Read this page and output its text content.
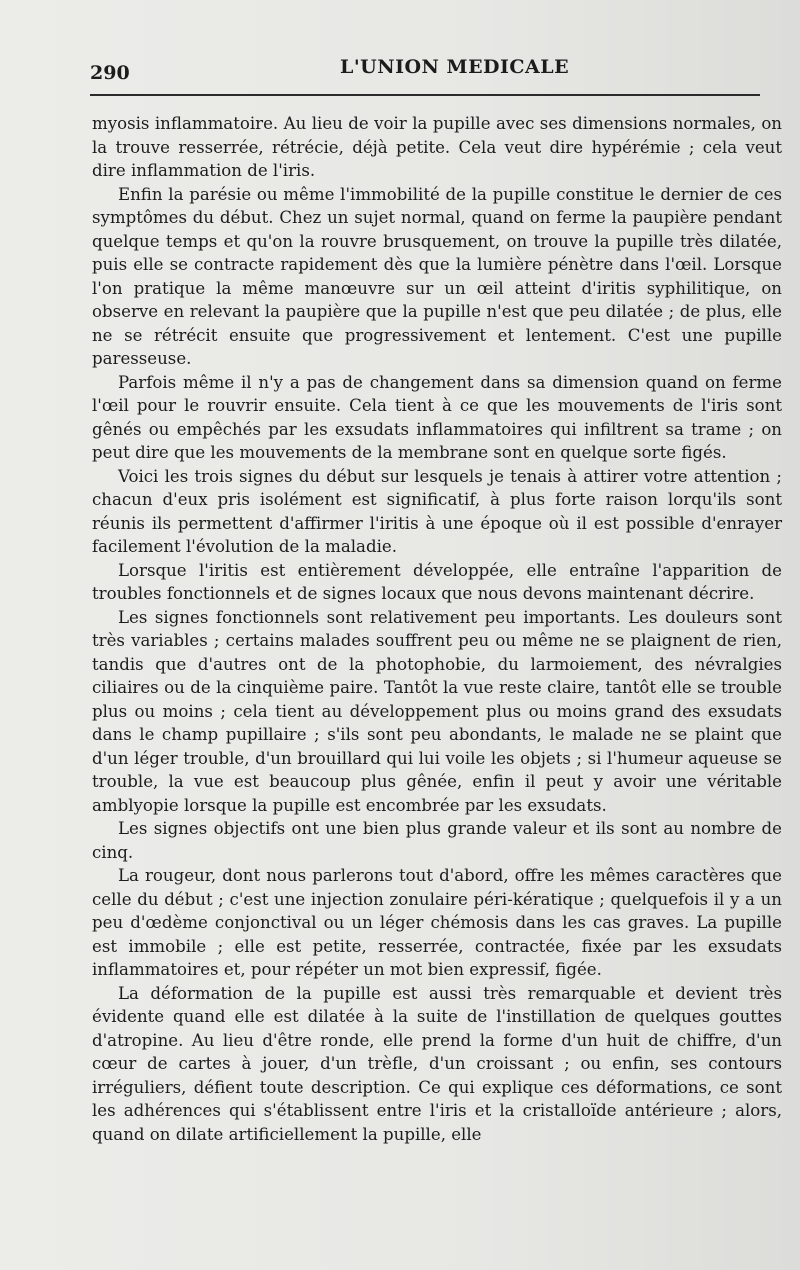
290	L'UNION MEDICALE

myosis inflammatoire. Au lieu de voir la pupille avec ses dimensions normales, on la trouve resserrée, rétrécie, déjà petite. Cela veut dire hypérémie ; cela veut dire inflammation de l'iris.

Enfin la parésie ou même l'immobilité de la pupille constitue le dernier de ces symptômes du début. Chez un sujet normal, quand on ferme la paupière pendant quelque temps et qu'on la rouvre brusquement, on trouve la pupille très dilatée, puis elle se contracte rapidement dès que la lumière pénètre dans l'œil. Lorsque l'on pratique la même manœuvre sur un œil atteint d'iritis syphilitique, on observe en relevant la paupière que la pupille n'est que peu dilatée ; de plus, elle ne se rétrécit ensuite que progressivement et lentement. C'est une pupille paresseuse.

Parfois même il n'y a pas de changement dans sa dimension quand on ferme l'œil pour le rouvrir ensuite. Cela tient à ce que les mouvements de l'iris sont gênés ou empêchés par les exsudats inflammatoires qui infiltrent sa trame ; on peut dire que les mouvements de la membrane sont en quelque sorte figés.

Voici les trois signes du début sur lesquels je tenais à attirer votre attention ; chacun d'eux pris isolément est significatif, à plus forte raison lorqu'ils sont réunis ils permettent d'affirmer l'iritis à une époque où il est possible d'enrayer facilement l'évolution de la maladie.

Lorsque l'iritis est entièrement développée, elle entraîne l'apparition de troubles fonctionnels et de signes locaux que nous devons maintenant décrire.

Les signes fonctionnels sont relativement peu importants. Les douleurs sont très variables ; certains malades souffrent peu ou même ne se plaignent de rien, tandis que d'autres ont de la photophobie, du larmoiement, des névralgies ciliaires ou de la cinquième paire. Tantôt la vue reste claire, tantôt elle se trouble plus ou moins ; cela tient au développement plus ou moins grand des exsudats dans le champ pupillaire ; s'ils sont peu abondants, le malade ne se plaint que d'un léger trouble, d'un brouillard qui lui voile les objets ; si l'humeur aqueuse se trouble, la vue est beaucoup plus gênée, enfin il peut y avoir une véritable amblyopie lorsque la pupille est encombrée par les exsudats.

Les signes objectifs ont une bien plus grande valeur et ils sont au nombre de cinq.

La rougeur, dont nous parlerons tout d'abord, offre les mêmes caractères que celle du début ; c'est une injection zonulaire péri-kératique ; quelquefois il y a un peu d'œdème conjonctival ou un léger chémosis dans les cas graves. La pupille est immobile ; elle est petite, resserrée, contractée, fixée par les exsudats inflammatoires et, pour répéter un mot bien expressif, figée.

La déformation de la pupille est aussi très remarquable et devient très évidente quand elle est dilatée à la suite de l'instillation de quelques gouttes d'atropine. Au lieu d'être ronde, elle prend la forme d'un huit de chiffre, d'un cœur de cartes à jouer, d'un trèfle, d'un croissant ; ou enfin, ses contours irréguliers, défient toute description. Ce qui explique ces déformations, ce sont les adhérences qui s'établissent entre l'iris et la cristalloïde antérieure ; alors, quand on dilate artificiellement la pupille, elle
